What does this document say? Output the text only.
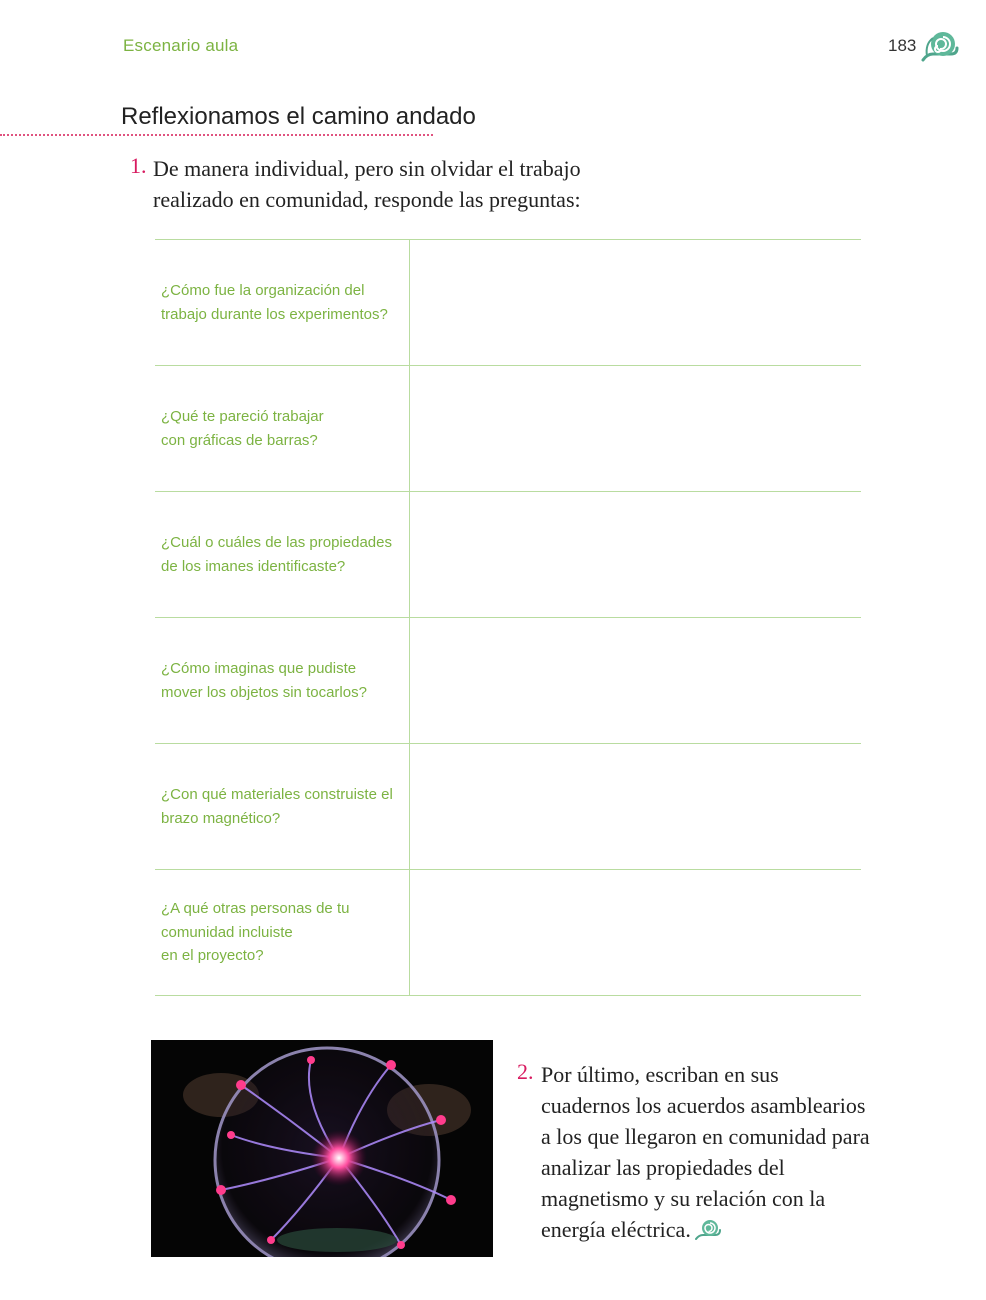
Escenario aula	183
Reflexionamos el camino andado
1. De manera individual, pero sin olvidar el trabajo realizado en comunidad, responde las preguntas:
¿Cómo fue la organización del
trabajo durante los experimentos?
¿Qué te pareció trabajar
con gráficas de barras?
¿Cuál o cuáles de las propiedades
de los imanes identificaste?
¿Cómo imaginas que pudiste
mover los objetos sin tocarlos?
¿Con qué materiales construiste el
brazo magnético?
¿A qué otras personas de tu
comunidad incluiste
en el proyecto?
2. Por último, escriban en sus cuadernos los acuerdos asamblearios a los que llegaron en comunidad para analizar las propiedades del magnetismo y su relación con la energía eléctrica.
